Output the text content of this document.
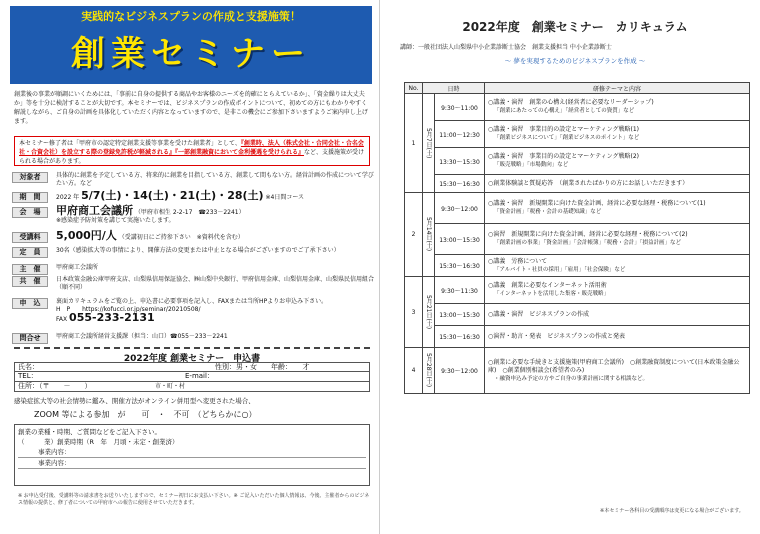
実践的なビジネスプランの作成と支援施策！
創業セミナー
創業後の事業が順調にいくためには、「事前に自身の提供する商品やお客様のニーズを的確にとらえているか」、「資金繰りは大丈夫か」等を十分に検討することが大切です。本セミナーでは、ビジネスプランの作成ポイントについて、初めての方にもわかりやすく解説しながら、ご自身の計画を具体化していただく内容となっていますので、是非この機会にご参加下さいますようご案内申し上げます。
本セミナー修了者は「甲府市の認定特定創業支援等事業を受けた創業者」として、『創業時、法人（株式会社・合同会社・合名会社・合資会社）を設立する際の登録免許税が軽減される』『一部創業融資において金利優遇を受けられる』など、支援施策が受けられる場合があります。
対象者	具体的に創業を予定している方、将来的に創業を目指している方、創業して間もない方。経営計画の作成について学びたい方。など
期　間	2022 年 5/7(土)・14(土)・21(土)・28(土) ※4日間コース
会　場	甲府商工会議所 （甲府市相生 2-2-17　☎233－2241）
※感染症予防対策を講じて実施いたします。
受講料	5,000円/人 （受講初日にご持参下さい　※資料代を含む）
定　員	30名（感染拡大等の事情により、開催方法の変更または中止となる場合がございますのでご了承下さい）
主　催	甲府商工会議所
共　催	日本政策金融公庫甲府支店、山梨県信用保証協会、㈱山梨中央銀行、甲府信用金庫、山梨信用金庫、山梨県民信用組合（順不同）
申　込	裏面カリキュラムをご覧の上、申込書に必要事項を記入し、FAXまたは当所HPよりお申込み下さい。
H　P　　https://kofucci.or.jp/seminar/20210508/
FAX 055-233-2131
問合せ	甲府商工会議所経営支援課（担当：山口）☎055－233－2241
2022年度 創業セミナー　申込書
氏名：	性別：男・女　　年齢：　　才
TEL：	E-mail：
住所：（〒　　－　　）	市・町・村
感染症拡大等の社会情勢に鑑み、開催方法がオンライン併用型へ変更された場合、
ZOOM 等による参加　が　　可　・　不可　（どちらかに○）
創業の業種・時期、ご質問などをご記入下さい。
（　　　業）創業時期（R　年　月頃・未定・創業済）
事業内容：
事業内容：
※ お申込受付後、受講料等の請求書をお送りいたしますので、セミナー初日にお支払い下さい。※ ご記入いただいた個人情報は、今後、主催者からのビジネス情報の提供と、修了者についての甲府市への報告に使用させていただきます。
2022年度　創業セミナー　カリキュラム
講師：一般社団法人山梨県中小企業診断士協会　創業支援担当 中小企業診断士
～ 夢を実現するためのビジネスプランを作成 ～
No.	日時		研修テーマと内容
1	5月7日(土)	9:30～11:00	○講義・演習　創業の心構え(経営者に必要なリーダーシップ)
「創業にあたっての心構え」「経営者としての資質」など

		11:00～12:30	○講義・演習　事業目的の設定とマーケティング戦略(1)
「創業ビジネスについて」「創業ビジネスのポイント」など

		13:30～15:30	○講義・演習　事業目的の設定とマーケティング戦略(2)
「販売戦略」「市場動向」など

		15:30～16:30	○創業体験談と質疑応答　（創業されたばかりの方にお話しいただきます）

2	5月14日(土)	9:30～12:00	○講義・演習　新規開業に向けた資金計画、経営に必要な経理・税務について(1)
「資金計画」「税務・会計の基礎知識」など

		13:00～15:30	○演習　新規開業に向けた資金計画、経営に必要な経理・税務について(2)
「創業計画の事業」「資金計画」「会計帳簿」「税務・会計」「損益計画」など

		15:30～16:30	○講義　労務について
「アルバイト・社員の採用」「雇用」「社会保険」など

3	5月21日(土)	9:30～11:30	○講義　創業に必要なインターネット活用術
「インターネットを活用した集客・販売戦略」

		13:00～15:30	○講義・演習　ビジネスプランの作成

		15:30～16:30	○演習・助言・発表　ビジネスプランの作成と発表

4	5月28日(土)	9:30～12:00	○創業に必要な手続きと支援施策(甲府商工会議所)　○創業融資制度について(日本政策金融公庫)　○創業個別相談会(希望者のみ)
・融資申込み予定の方やご自身の事業計画に関する相談など。
※本セミナー各科目の受講順序は変更になる場合がございます。
